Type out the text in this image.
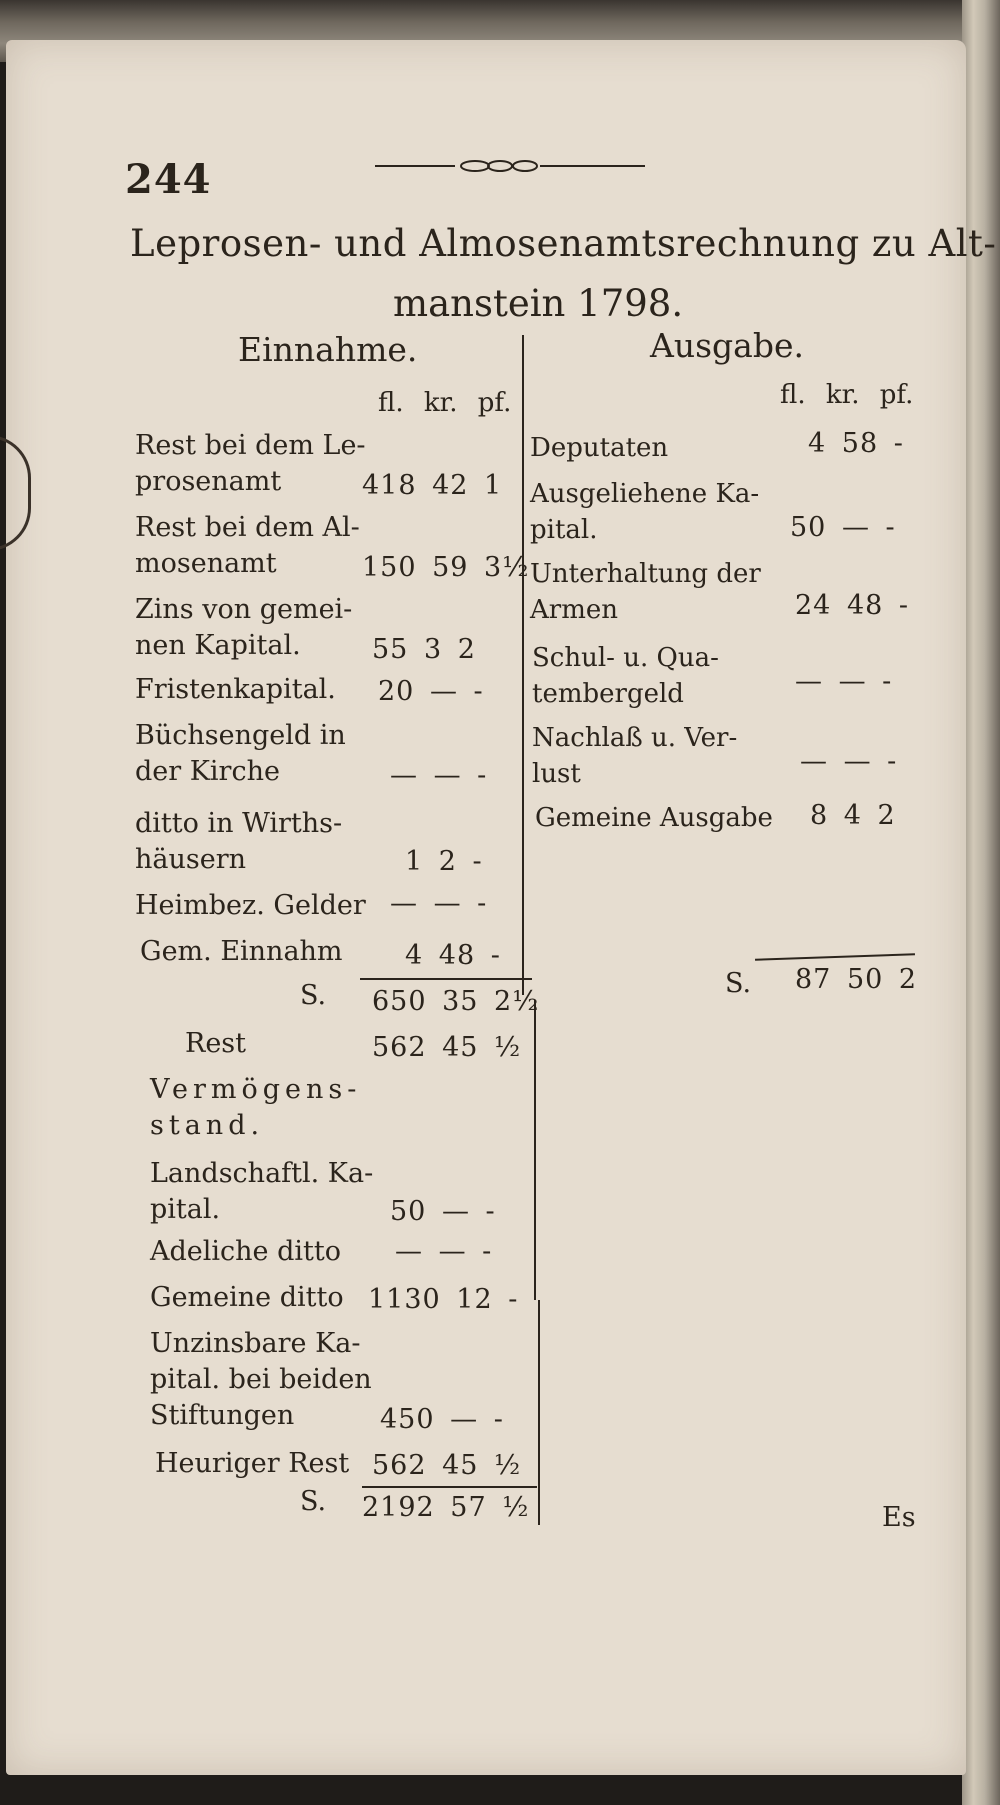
244
Leprosen- und Almosenamtsrechnung zu Alt-
manstein 1798.
Einnahme.	Ausgabe.
fl. kr. pf.	fl. kr. pf.
Rest bei dem Le-
prosenamt	418 42 1
Rest bei dem Al-
mosenamt	150 59 3½
Zins von gemei-
nen Kapital.	55 3 2
Fristenkapital. 20 — -
Büchsengeld in
der Kirche	— — -
ditto in Wirths-
häusern	1 2 -
Heimbez. Gelder — — -
Gem. Einnahm 4 48 -
S. 650 35 2½
Rest	562 45 ½
Vermögens-
stand.
Landschaftl. Ka-
pital.	50 — -
Adeliche ditto — — -
Gemeine ditto 1130 12 -
Unzinsbare Ka-
pital. bei beiden
Stiftungen	450 — -
Heuriger Rest 562 45 ½
S. 2192 57 ½
Deputaten	4 58 -
Ausgeliehene Ka-
pital.	50 — -
Unterhaltung der
Armen	24 48 -
Schul- u. Qua-
tembergeld	— — -
Nachlaß u. Ver-
lust	— — -
Gemeine Ausgabe 8 4 2
S. 87 50 2
Es
